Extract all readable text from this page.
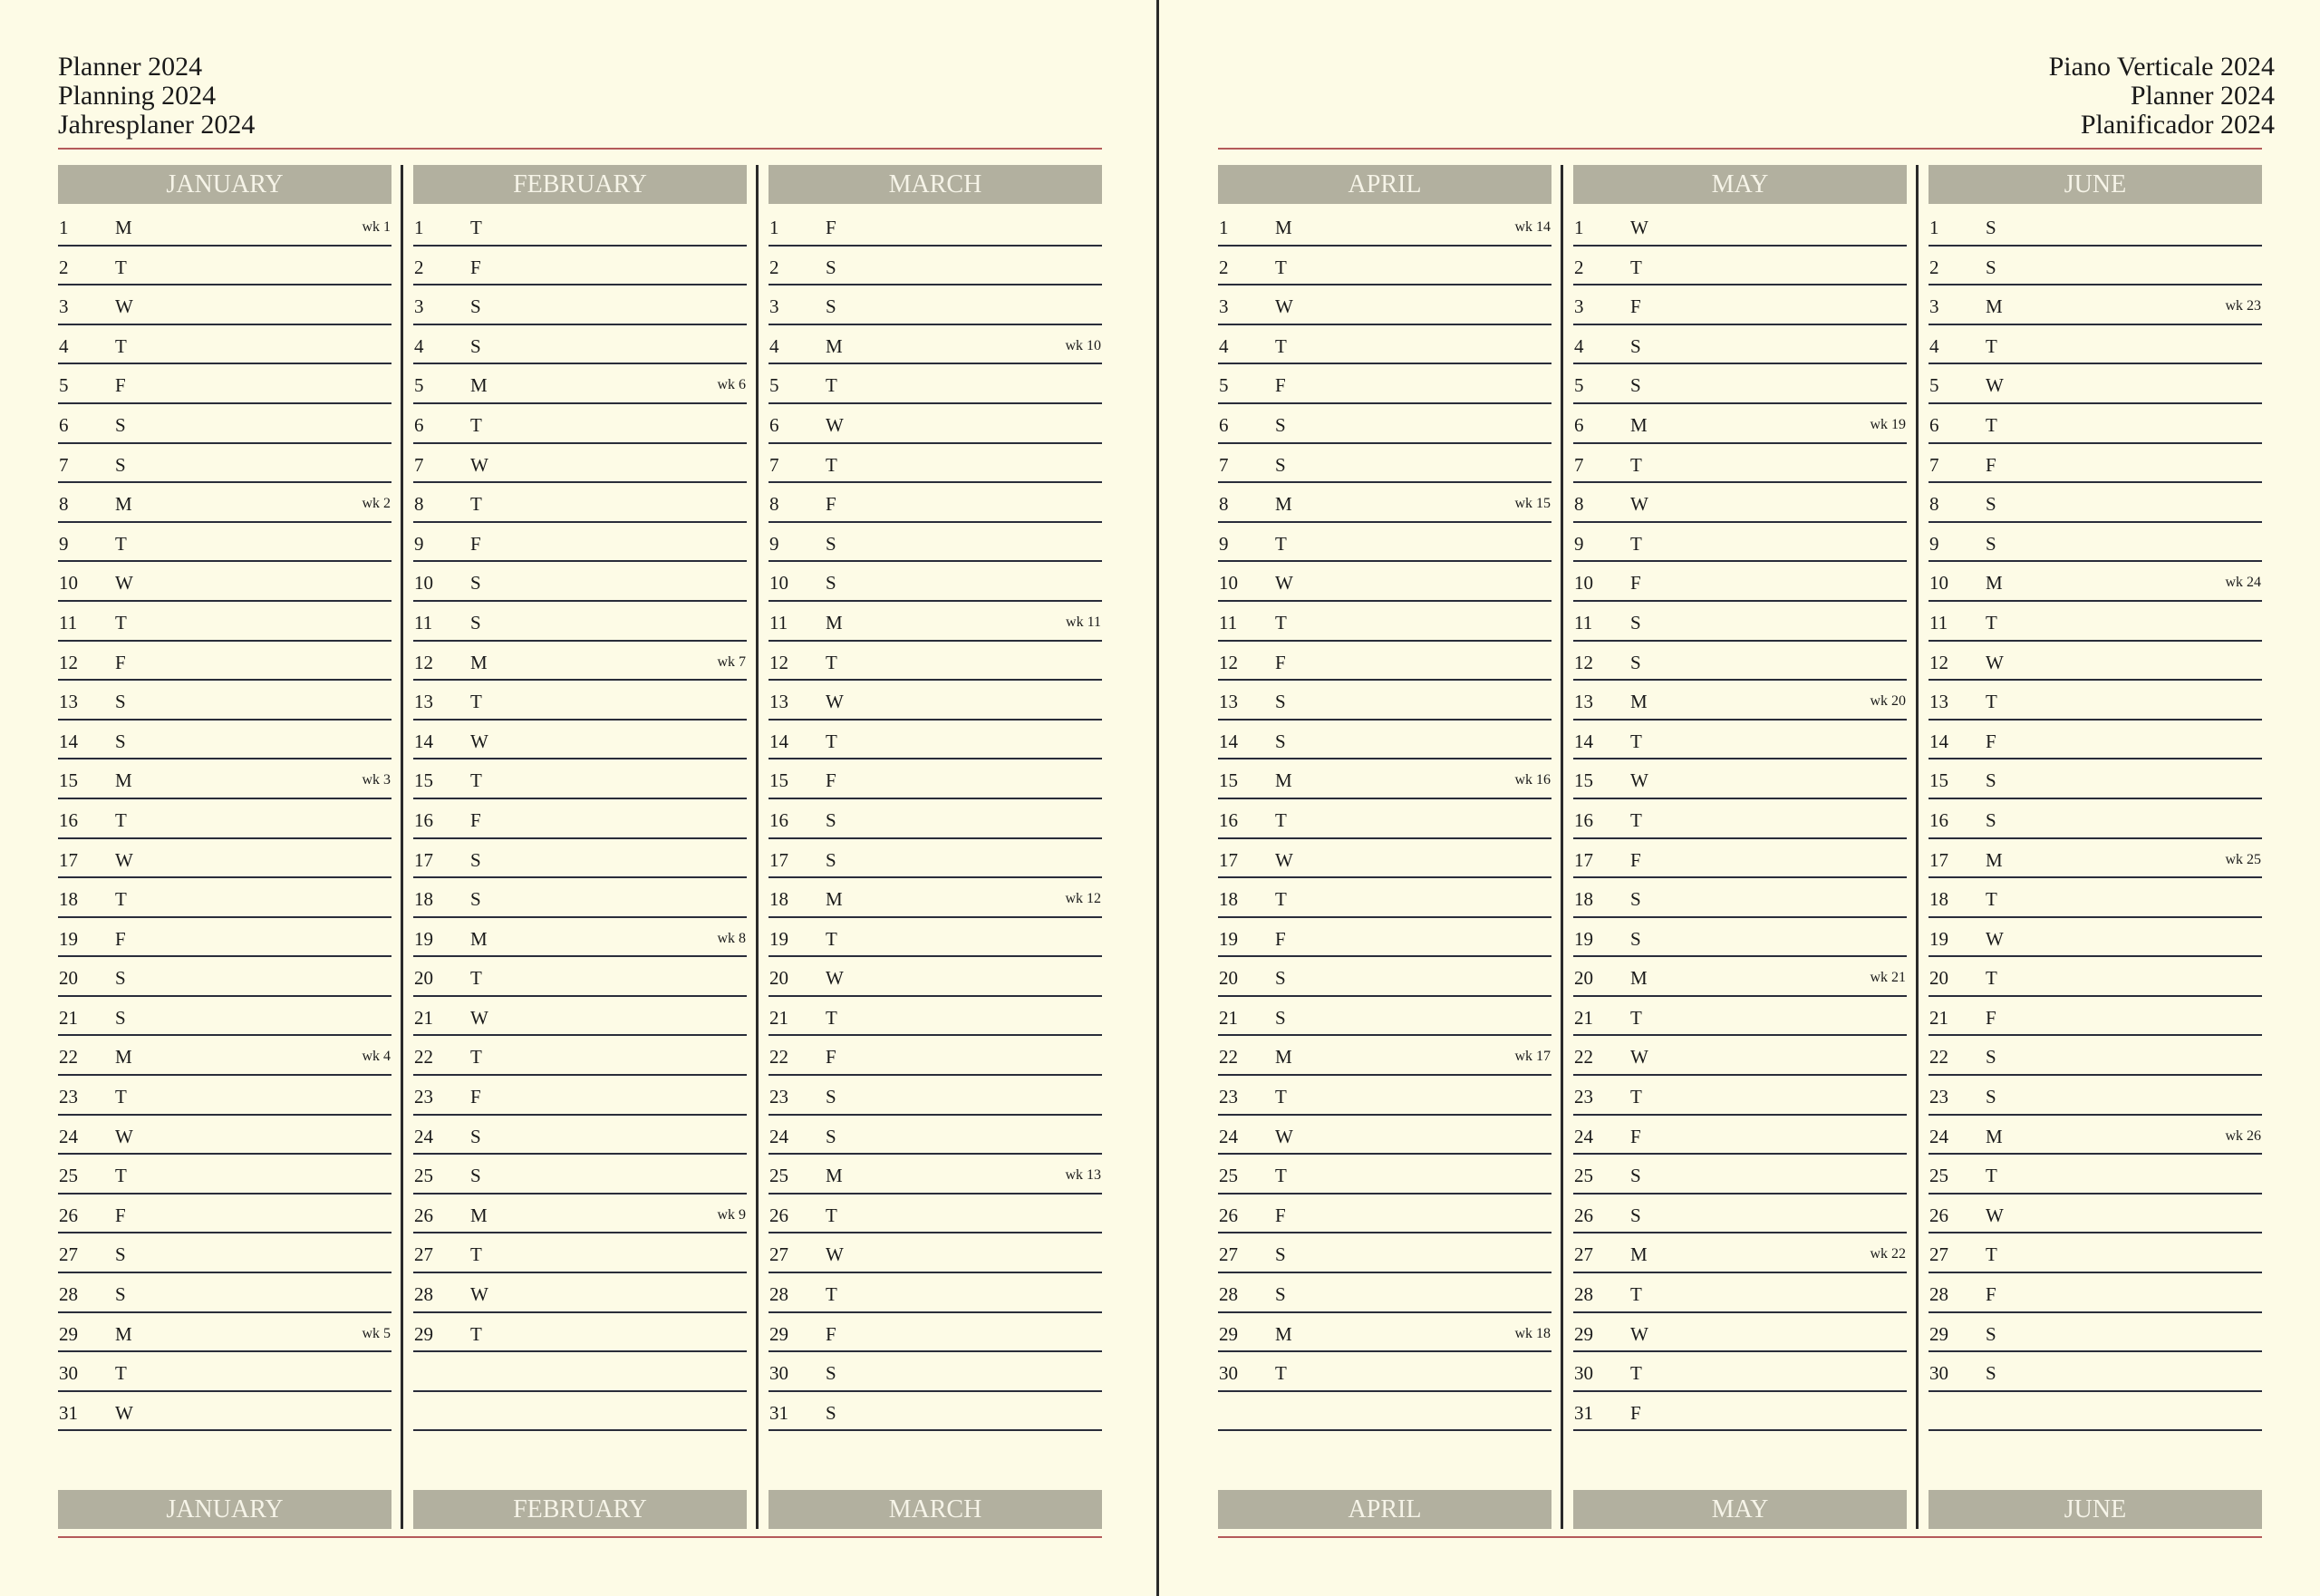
Planner 2024
Planning 2024
Jahresplaner 2024
JANUARY
1 M	wk 1
2 T
3 W
4 T
5 F
6 S
7 S
8 M	wk 2
9 T
10 W
11 T
12 F
13 S
14 S
15 M	wk 3
16 T
17 W
18 T
19 F
20 S
21 S
22 M	wk 4
23 T
24 W
25 T
26 F
27 S
28 S
29 M	wk 5
30 T
31 W
JANUARY
FEBRUARY
1 T
2 F
3 S
4 S
5 M	wk 6
6 T
7 W
8 T
9 F
10 S
11 S
12 M	wk 7
13 T
14 W
15 T
16 F
17 S
18 S
19 M	wk 8
20 T
21 W
22 T
23 F
24 S
25 S
26 M	wk 9
27 T
28 W
29 T
FEBRUARY
MARCH
1 F
2 S
3 S
4 M	wk 10
5 T
6 W
7 T
8 F
9 S
10 S
11 M	wk 11
12 T
13 W
14 T
15 F
16 S
17 S
18 M	wk 12
19 T
20 W
21 T
22 F
23 S
24 S
25 M	wk 13
26 T
27 W
28 T
29 F
30 S
31 S
MARCH
Piano Verticale 2024
Planner 2024
Planificador 2024
APRIL
1 M	wk 14
2 T
3 W
4 T
5 F
6 S
7 S
8 M	wk 15
9 T
10 W
11 T
12 F
13 S
14 S
15 M	wk 16
16 T
17 W
18 T
19 F
20 S
21 S
22 M	wk 17
23 T
24 W
25 T
26 F
27 S
28 S
29 M	wk 18
30 T
APRIL
MAY
1 W
2 T
3 F
4 S
5 S
6 M	wk 19
7 T
8 W
9 T
10 F
11 S
12 S
13 M	wk 20
14 T
15 W
16 T
17 F
18 S
19 S
20 M	wk 21
21 T
22 W
23 T
24 F
25 S
26 S
27 M	wk 22
28 T
29 W
30 T
31 F
MAY
JUNE
1 S
2 S
3 M	wk 23
4 T
5 W
6 T
7 F
8 S
9 S
10 M	wk 24
11 T
12 W
13 T
14 F
15 S
16 S
17 M	wk 25
18 T
19 W
20 T
21 F
22 S
23 S
24 M	wk 26
25 T
26 W
27 T
28 F
29 S
30 S
JUNE
